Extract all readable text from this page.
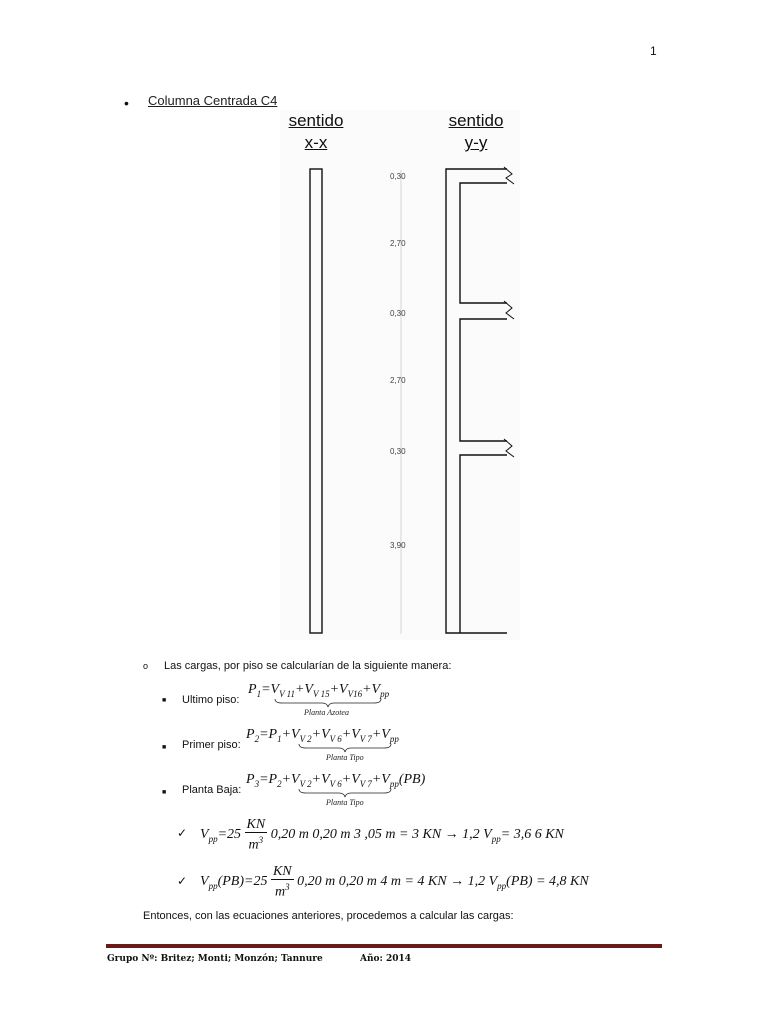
1
• Columna Centrada C4
sentido
x-x
sentido
y-y
0,30
2,70
0,30
2,70
0,30
3,90
o Las cargas, por piso se calcularían de la siguiente manera:
■ Ultimo piso:
$P_1=V_{V 11}+V_{V 15}+V_{V16}+V_{pp}$
Planta Azotea
■ Primer piso:
$P_2=P_1+V_{V 2}+V_{V 6}+V_{V 7}+V_{pp}$
Planta Tipo
■ Planta Baja:
$P_3=P_2+V_{V 2}+V_{V 6}+V_{V 7}+V_{pp}(PB)$
Planta Tipo
✓ $V_{pp}=25 \frac{KN}{m^3} 0,20$ m 0,20 m 3 ,05 m = 3 KN → 1,2 $V_{pp}= 3,6$ 6 KN
✓ $V_{pp}(PB)=25 \frac{KN}{m^3} 0,20$ m 0,20 m 4 m = 4 KN → 1,2 $V_{pp}(PB) = 4,8$ KN
Entonces, con las ecuaciones anteriores, procedemos a calcular las cargas:
Grupo Nº: Britez; Monti; Monzón; Tannure	Año: 2014
